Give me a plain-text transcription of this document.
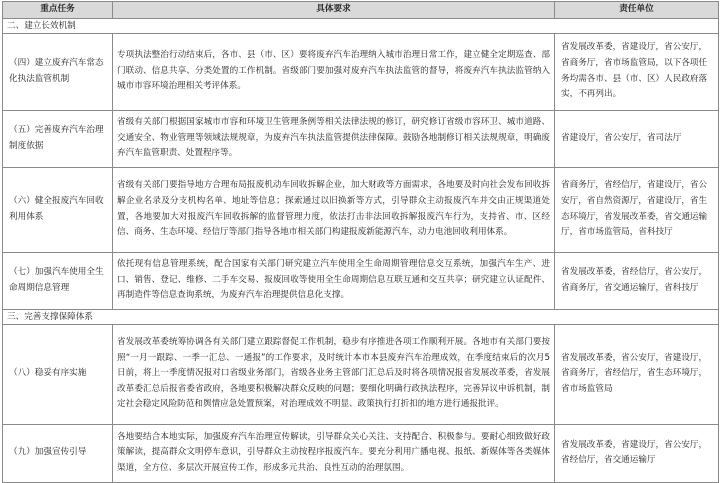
重点任务	具体要求	责任单位
二、建立长效机制		
（四）建立废弃汽车常态化执法监管机制	专项执法整治行动结束后，各市、县（市、区）要将废弃汽车治理纳入城市治理日常工作，建立健全定期巡查、部门联动、信息共享、分类处置的工作机制。省级部门要加强对废弃汽车执法监管的督导，将废弃汽车执法监管纳入城市市容环境治理相关考评体系。	省发展改革委，省建设厅，省公安厅，省商务厅，省市场监管局，以下各项任务均需各市、县（市、区）人民政府落实，不再列出。
（五）完善废弃汽车治理制度依据	省级有关部门根据国家城市市容和环境卫生管理条例等相关法律法规的修订，研究修订省级市容环卫、城市道路、交通安全、物业管理等领域法规规章，为废弃汽车执法监管提供法律保障。鼓励各地制修订相关法规规章，明确废弃汽车监管职责、处置程序等。	省建设厅，省公安厅，省司法厅
（六）健全报废汽车回收利用体系	省级有关部门要指导地方合理布局报废机动车回收拆解企业，加大财政等方面需求，各地要及时向社会发布回收拆解企业名录及分支机构名单、地址等信息；探索通过以旧换新等方式，引导群众主动报废汽车并交由正规渠道处置，各地要加大对报废汽车回收拆解的监督管理力度，依法打击非法回收拆解报废汽车行为，支持省、市、区经信、商务、生态环境、经信厅等部门指导各地市相关部门构建报废新能源汽车，动力电池回收利用体系。	省商务厅，省经信厅，省建设厅，省公安厅，省自然资源厅，省建设厅，省生态环境厅，省发展改革委，省交通运输厅，省市场监管局，省科技厅
（七）加强汽车使用全生命周期信息管理	依托现有信息管理系统，配合国家有关部门研究建立汽车使用全生命周期管理信息交互系统，加强汽车生产、进口、销售、登记、维修、二手车交易、报废回收等使用全生命周期信息互联互通和交互共享；研究建立认证配件、再制造件等信息查询系统，为废弃汽车治理提供信息化支撑。	省发展改革委，省经信厅，省公安厅，省商务厅，省交通运输厅，省科技厅
三、完善支撑保障体系		
（八）稳妥有序实施	省发展改革委统筹协调各有关部门建立跟踪督促工作机制，稳步有序推进各项工作顺利开展。各地市有关部门要按照“一月一跟踪、一季一汇总、一通报”的工作要求，及时统计本市本县废弃汽车治理成效，在季度结束后的次月5日前，将上一季度情况报对口省级业务部门，省级各业务主管部门汇总后及时将各项情况报省发展改革委，省发展改革委汇总后报省委省政府，各地要积极解决群众反映的问题；要细化明确行政执法程序，完善异议申诉机制，制定社会稳定风险防范和舆情应急处置预案，对治理成效不明显、政策执行打折扣的地方进行通报批评。	省发展改革委，省公安厅，省建设厅，省商务厅，省经信厅，省生态环境厅，省市场监管局
（九）加强宣传引导	各地要结合本地实际，加强废弃汽车治理宣传解读，引导群众关心关注、支持配合、积极参与。要耐心细致做好政策解读，提高群众文明停车意识，引导群众主动按程序报废汽车。要充分利用广播电视、报纸、新媒体等各类媒体渠道，全方位、多层次开展宣传工作，形成多元共治、良性互动的治理氛围。	省发展改革委，省建设厅，省公安厅，省经信厅，省交通运输厅
